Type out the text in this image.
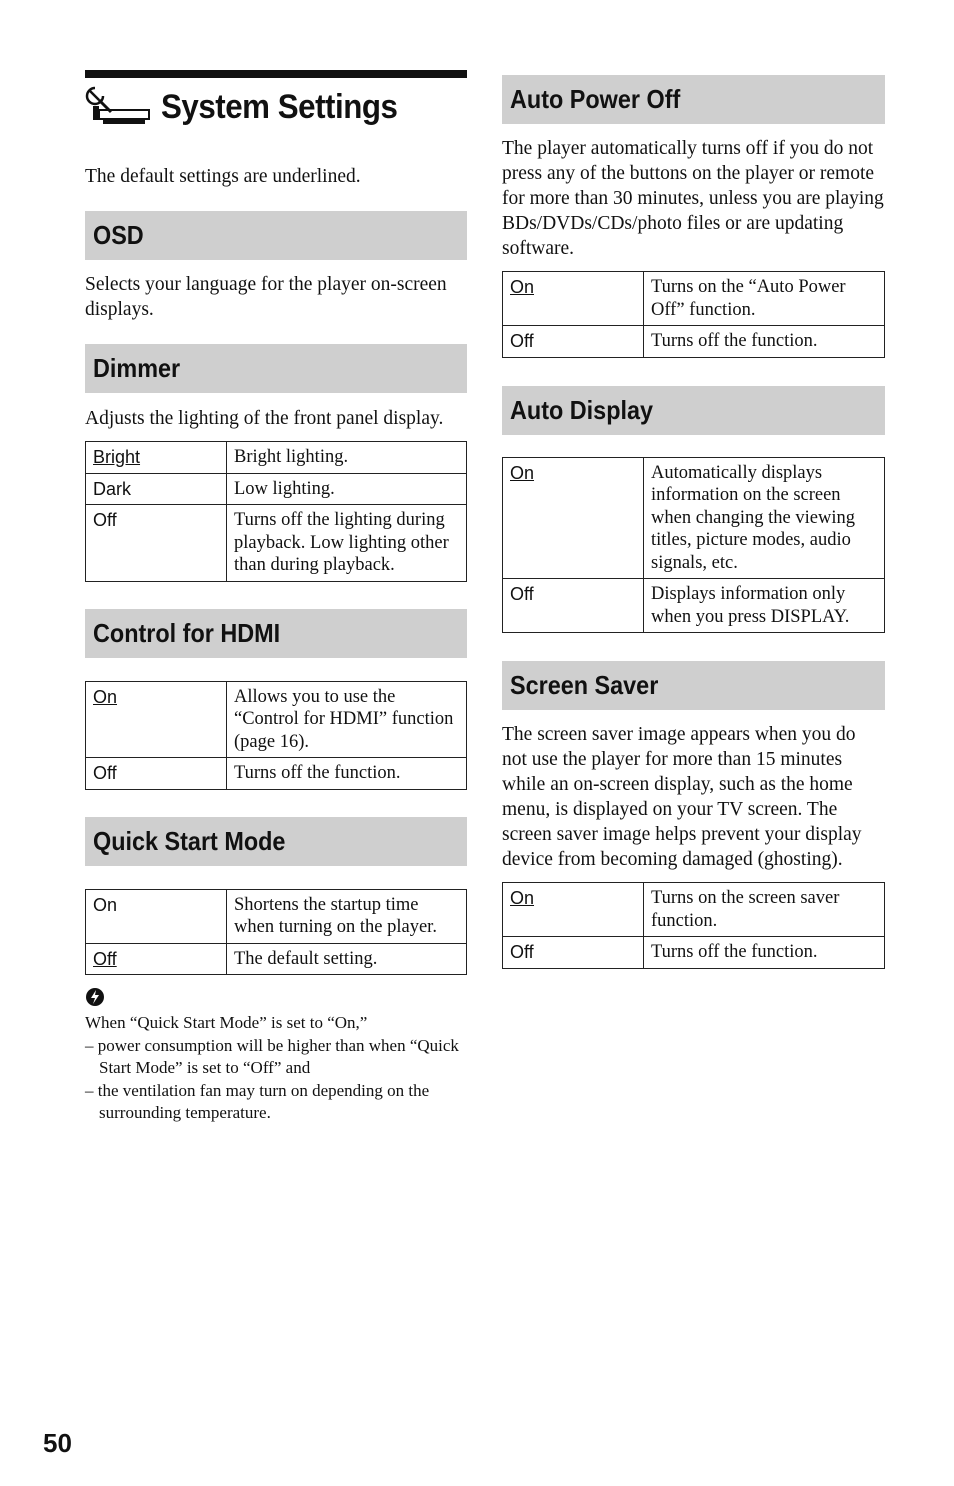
System Settings

The default settings are underlined.

OSD

Selects your language for the player on-screen displays.

Dimmer

Adjusts the lighting of the front panel display.

Bright	Bright lighting.
Dark	Low lighting.
Off	Turns off the lighting during playback. Low lighting other than during playback.
Control for HDMI
On	Allows you to use the “Control for HDMI” function (page 16).
Off	Turns off the function.
Quick Start Mode
On	Shortens the startup time when turning on the player.
Off	The default setting.

When “Quick Start Mode” is set to “On,”

– power consumption will be higher than when “Quick Start Mode” is set to “Off” and
– the ventilation fan may turn on depending on the surrounding temperature.

Auto Power Off

The player automatically turns off if you do not press any of the buttons on the player or remote for more than 30 minutes, unless you are playing BDs/DVDs/CDs/photo files or are updating software.

On	Turns on the “Auto Power Off” function.
Off	Turns off the function.
Auto Display
On	Automatically displays information on the screen when changing the viewing titles, picture modes, audio signals, etc.
Off	Displays information only when you press DISPLAY.
Screen Saver

The screen saver image appears when you do not use the player for more than 15 minutes while an on-screen display, such as the home menu, is displayed on your TV screen. The screen saver image helps prevent your display device from becoming damaged (ghosting).

On	Turns on the screen saver function.
Off	Turns off the function.
50
